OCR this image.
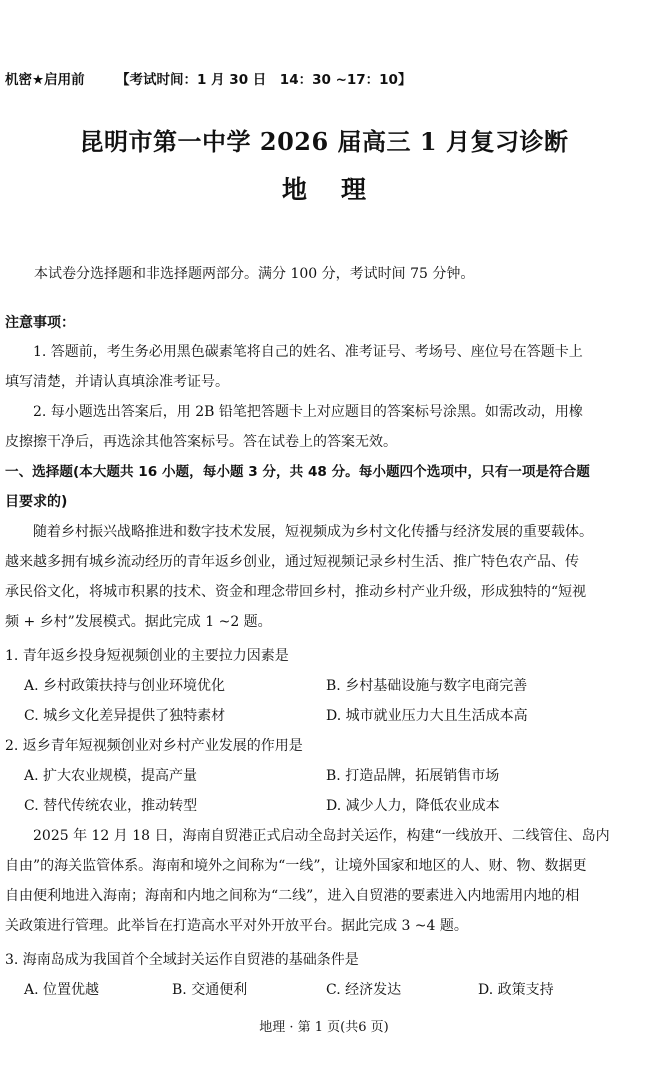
机密★启用前 【考试时间：1 月 30 日　14：30 ~17：10】
昆明市第一中学 2026 届高三 1 月复习诊断
地 理
本试卷分选择题和非选择题两部分。满分 100 分，考试时间 75 分钟。
注意事项：
1. 答题前，考生务必用黑色碳素笔将自己的姓名、准考证号、考场号、座位号在答题卡上
填写清楚，并请认真填涂准考证号。
2. 每小题选出答案后，用 2B 铅笔把答题卡上对应题目的答案标号涂黑。如需改动，用橡
皮擦擦干净后，再选涂其他答案标号。答在试卷上的答案无效。
一、选择题(本大题共 16 小题，每小题 3 分，共 48 分。每小题四个选项中，只有一项是符合题
目要求的)
随着乡村振兴战略推进和数字技术发展，短视频成为乡村文化传播与经济发展的重要载体。
越来越多拥有城乡流动经历的青年返乡创业，通过短视频记录乡村生活、推广特色农产品、传
承民俗文化，将城市积累的技术、资金和理念带回乡村，推动乡村产业升级，形成独特的“短视
频 + 乡村”发展模式。据此完成 1 ~2 题。
1. 青年返乡投身短视频创业的主要拉力因素是
A. 乡村政策扶持与创业环境优化	B. 乡村基础设施与数字电商完善
C. 城乡文化差异提供了独特素材	D. 城市就业压力大且生活成本高
2. 返乡青年短视频创业对乡村产业发展的作用是
A. 扩大农业规模，提高产量	B. 打造品牌，拓展销售市场
C. 替代传统农业，推动转型	D. 减少人力，降低农业成本
2025 年 12 月 18 日，海南自贸港正式启动全岛封关运作，构建“一线放开、二线管住、岛内
自由”的海关监管体系。海南和境外之间称为“一线”，让境外国家和地区的人、财、物、数据更
自由便利地进入海南；海南和内地之间称为“二线”，进入自贸港的要素进入内地需用内地的相
关政策进行管理。此举旨在打造高水平对外开放平台。据此完成 3 ~4 题。
3. 海南岛成为我国首个全域封关运作自贸港的基础条件是
A. 位置优越	B. 交通便利	C. 经济发达	D. 政策支持
地理 · 第 1 页(共6 页)
